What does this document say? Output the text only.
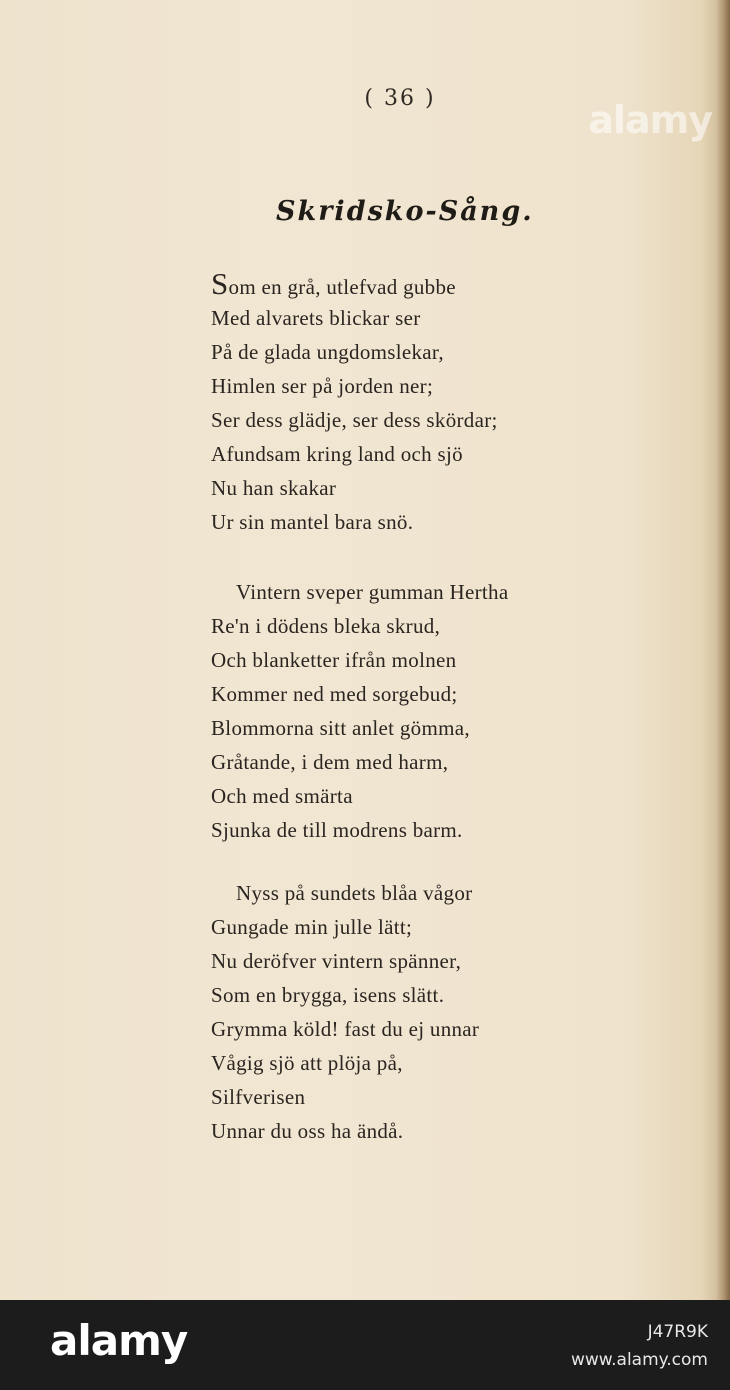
alamy
( 36 )
Skridsko-Sång.
Som en grå, utlefvad gubbe
Med alvarets blickar ser
På de glada ungdomslekar,
Himlen ser på jorden ner;
Ser dess glädje, ser dess skördar;
Afundsam kring land och sjö
Nu han skakar
Ur sin mantel bara snö.
Vintern sveper gumman Hertha
Re'n i dödens bleka skrud,
Och blanketter ifrån molnen
Kommer ned med sorgebud;
Blommorna sitt anlet gömma,
Gråtande, i dem med harm,
Och med smärta
Sjunka de till modrens barm.
Nyss på sundets blåa vågor
Gungade min julle lätt;
Nu deröfver vintern spänner,
Som en brygga, isens slätt.
Grymma köld! fast du ej unnar
Vågig sjö att plöja på,
Silfverisen
Unnar du oss ha ändå.
alamy	J47R9K
www.alamy.com
